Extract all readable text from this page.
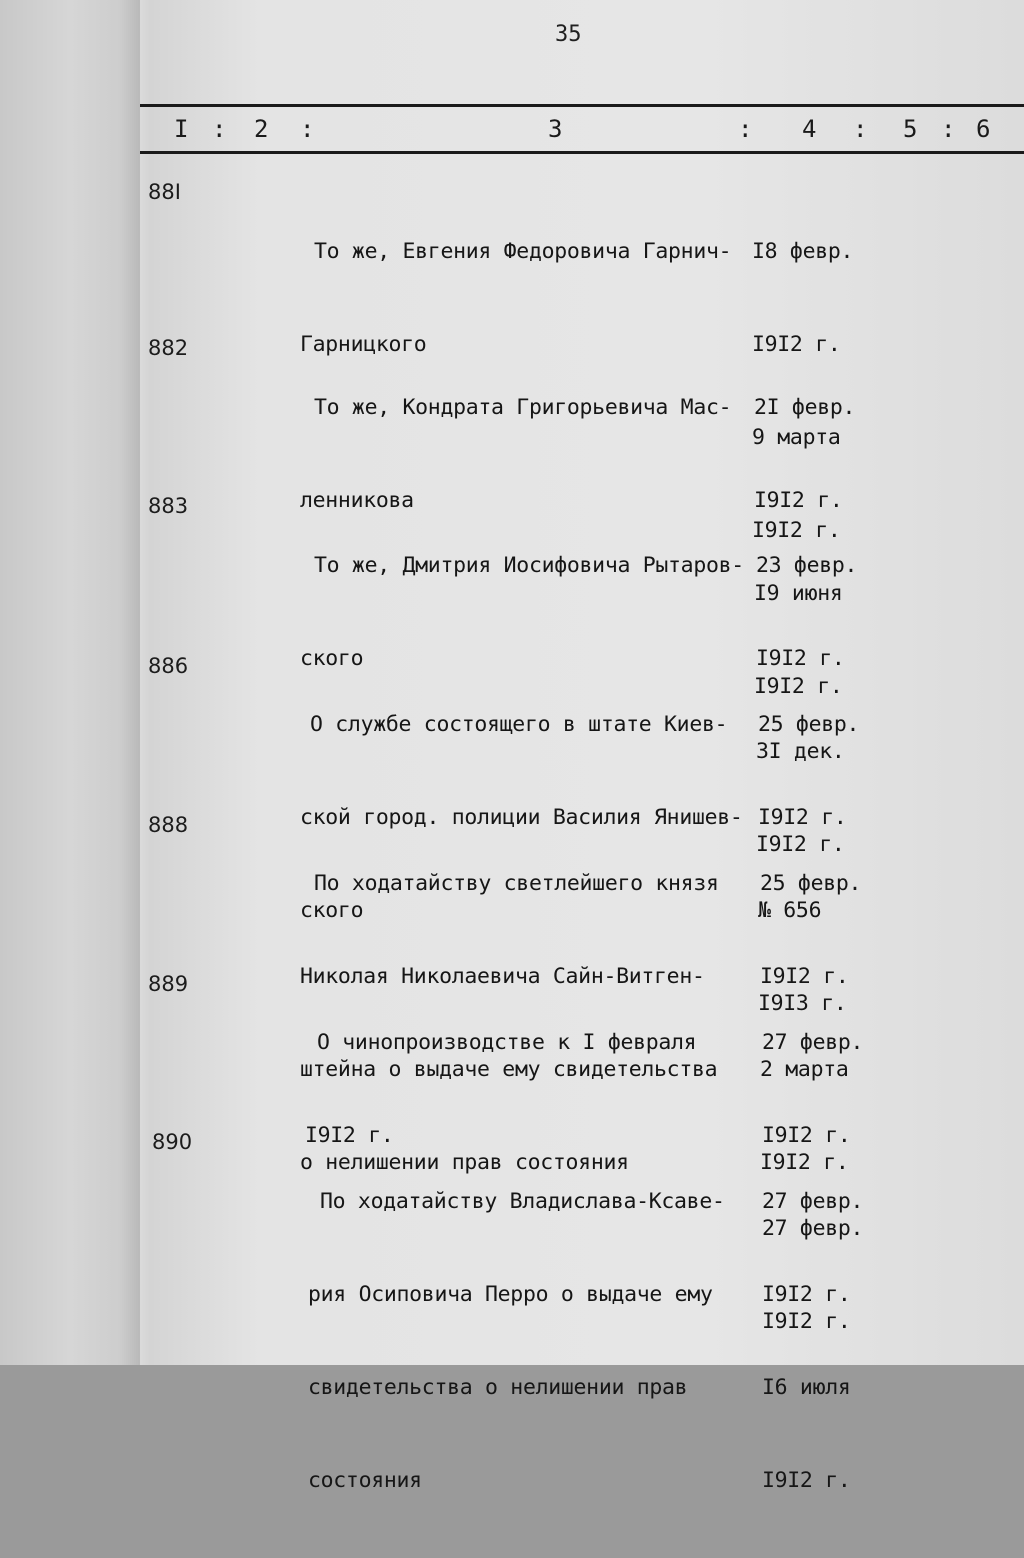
35
I : 2 :	3	: 4 : 5 : 6
88I

То же, Евгения Федоровича Гарнич-

Гарницкого

I8 февр.

I9I2 г.

9 марта

I9I2 г.

882

То же, Кондрата Григорьевича Мас-

ленникова

2I февр.

I9I2 г.

I9 июня

I9I2 г.

883

То же, Дмитрия Иосифовича Рытаров-

ского

23 февр.

I9I2 г.

3I дек.

I9I2 г.

886

О службе состоящего в штате Киев-

ской город. полиции Василия Янишев-

ского

25 февр.

I9I2 г.

№ 656

I9I3 г.

888

По ходатайству светлейшего князя

Николая Николаевича Сайн-Витген-

штейна о выдаче ему свидетельства

о нелишении прав состояния

25 февр.

I9I2 г.

2 марта

I9I2 г.

889

О чинопроизводстве к I февраля

I9I2 г.

27 февр.

I9I2 г.

27 февр.

I9I2 г.

890

По ходатайству Владислава-Ксаве-

рия Осиповича Перро о выдаче ему

свидетельства о нелишении прав

состояния

27 февр.

I9I2 г.

I6 июля

I9I2 г.
